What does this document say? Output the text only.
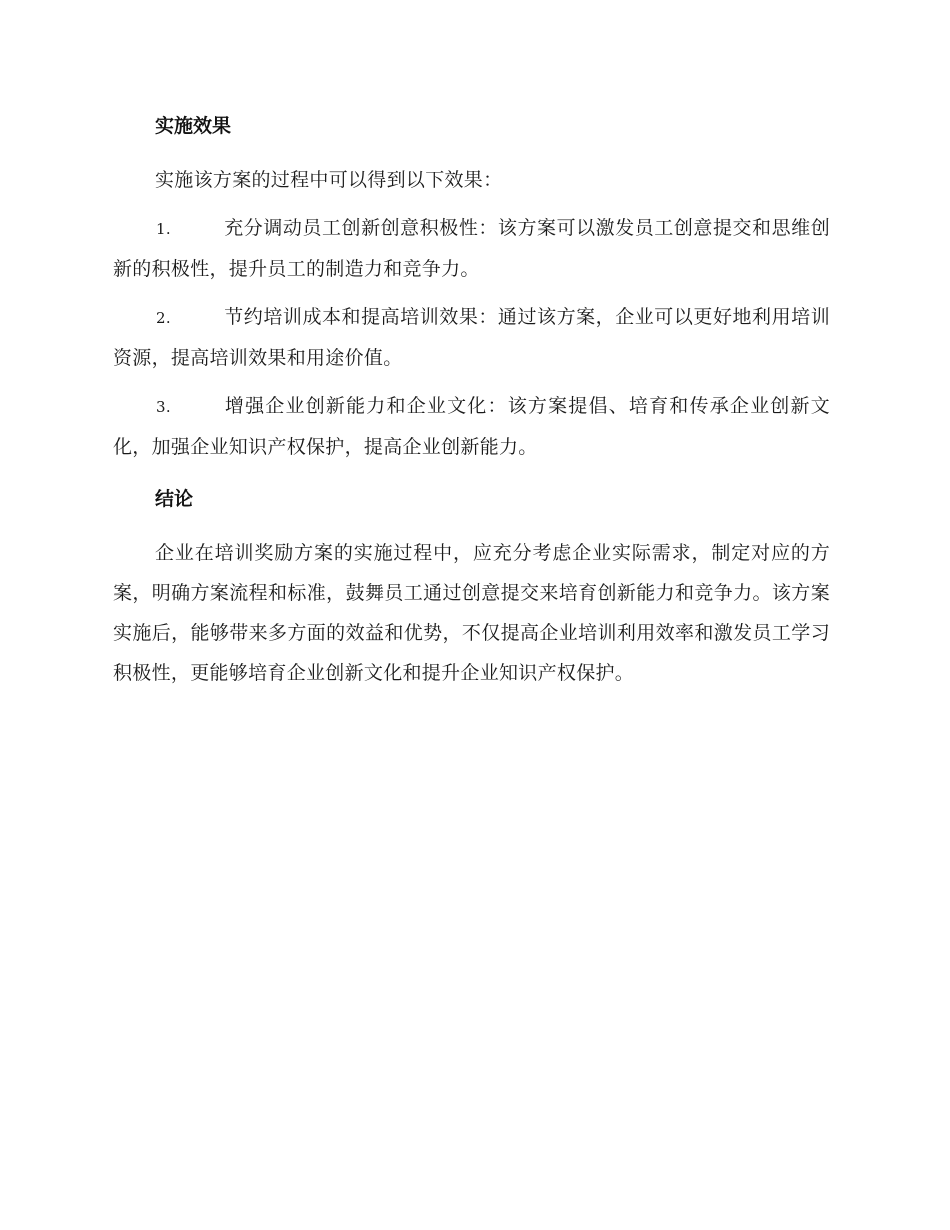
实施效果

实施该方案的过程中可以得到以下效果：

1.	充分调动员工创新创意积极性：该方案可以激发员工创意提交和思维创新的积极性，提升员工的制造力和竞争力。

2.	节约培训成本和提高培训效果：通过该方案，企业可以更好地利用培训资源，提高培训效果和用途价值。

3.	增强企业创新能力和企业文化：该方案提倡、培育和传承企业创新文化，加强企业知识产权保护，提高企业创新能力。

结论

企业在培训奖励方案的实施过程中，应充分考虑企业实际需求，制定对应的方案，明确方案流程和标准，鼓舞员工通过创意提交来培育创新能力和竞争力。该方案实施后，能够带来多方面的效益和优势，不仅提高企业培训利用效率和激发员工学习积极性，更能够培育企业创新文化和提升企业知识产权保护。
